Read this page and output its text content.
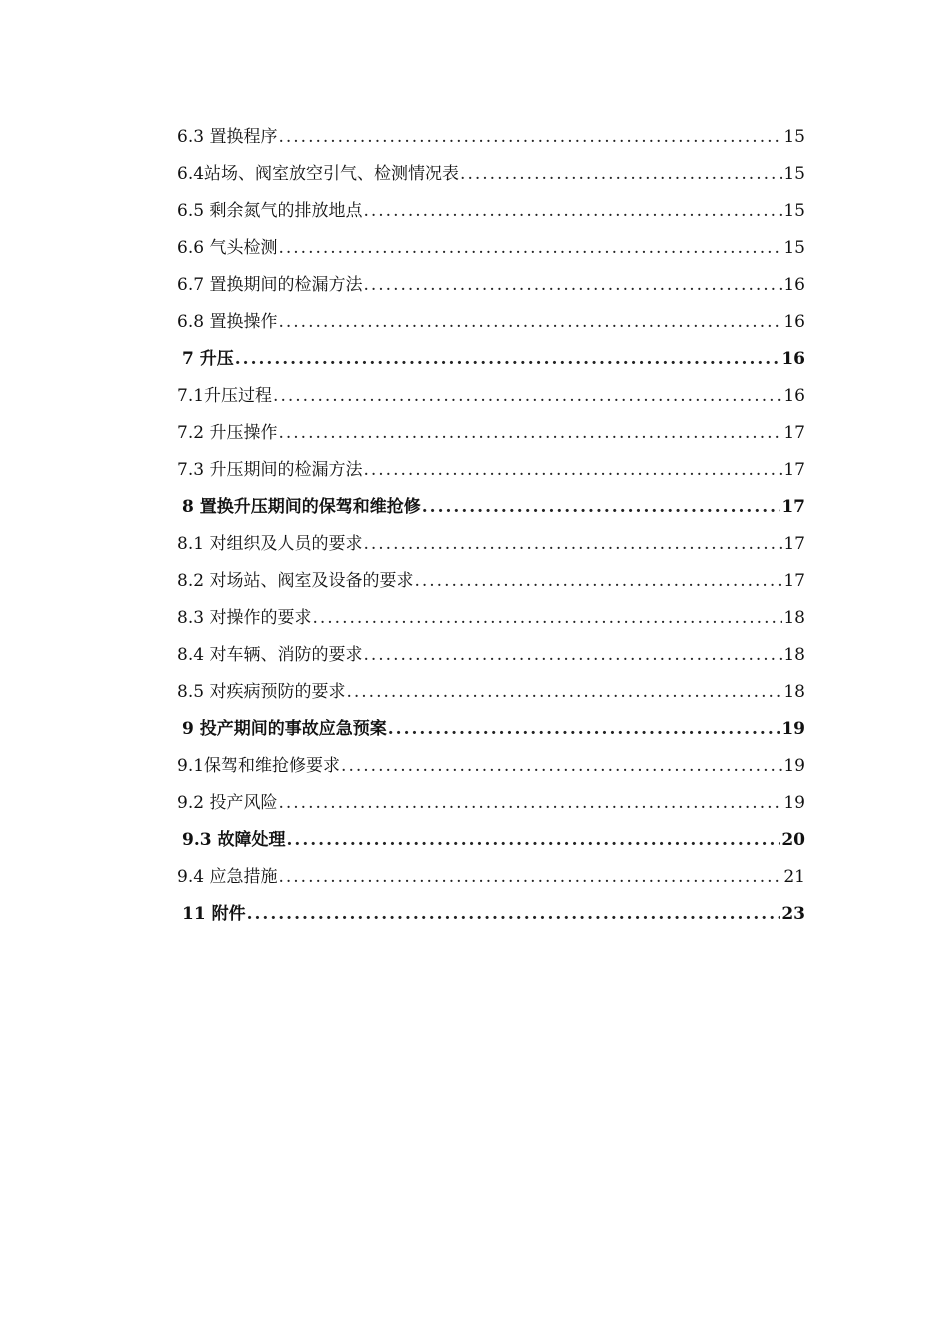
6.3 置换程序 .....	15
6.4站场、阀室放空引气、检测情况表 .....	15
6.5 剩余氮气的排放地点 .....	15
6.6 气头检测 .....	15
6.7 置换期间的检漏方法 .....	16
6.8 置换操作 .....	16
7 升压 .....	16
7.1升压过程 .....	16
7.2 升压操作 .....	17
7.3 升压期间的检漏方法 .....	17
8 置换升压期间的保驾和维抢修 .....	17
8.1 对组织及人员的要求 .....	17
8.2 对场站、阀室及设备的要求 .....	17
8.3 对操作的要求 .....	18
8.4 对车辆、消防的要求 .....	18
8.5 对疾病预防的要求 .....	18
9 投产期间的事故应急预案 .....	19
9.1保驾和维抢修要求 .....	19
9.2 投产风险 .....	19
9.3 故障处理 .....	20
9.4 应急措施 .....	21
11 附件 .....	23
